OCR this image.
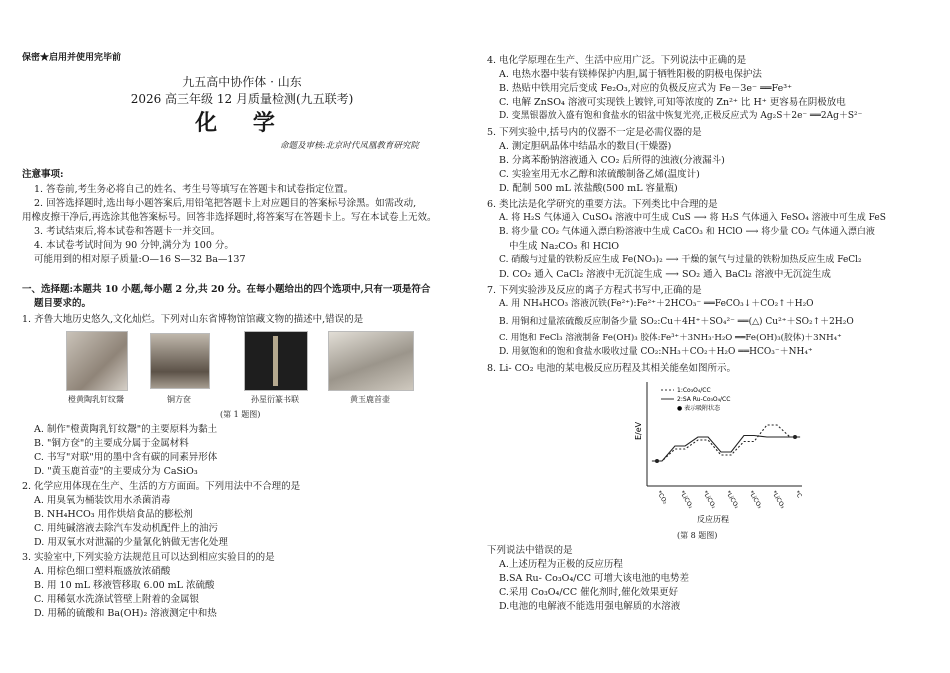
保密★启用并使用完毕前
九五高中协作体 · 山东
2026 高三年级 12 月质量检测(九五联考)
化 学
命题及审核:北京时代凤凰教育研究院
注意事项:
1. 答卷前,考生务必将自己的姓名、考生号等填写在答题卡和试卷指定位置。
2. 回答选择题时,选出每小题答案后,用铅笔把答题卡上对应题目的答案标号涂黑。如需改动,
用橡皮擦干净后,再选涂其他答案标号。回答非选择题时,将答案写在答题卡上。写在本试卷上无效。
3. 考试结束后,将本试卷和答题卡一并交回。
4. 本试卷考试时间为 90 分钟,满分为 100 分。
可能用到的相对原子质量:O—16 S—32 Ba—137
一、选择题:本题共 10 小题,每小题 2 分,共 20 分。在每小题给出的四个选项中,只有一项是符合
题目要求的。
1. 齐鲁大地历史悠久,文化灿烂。下列对山东省博物馆馆藏文物的描述中,错误的是
橙黄陶乳钉纹鬶	铜方奁	孙星衍篆书联	黄玉鹿首壶
(第 1 题图)
A. 制作"橙黄陶乳钉纹鬶"的主要原料为黏土
B. "铜方奁"的主要成分属于金属材料
C. 书写"对联"用的墨中含有碳的同素异形体
D. "黄玉鹿首壶"的主要成分为 CaSiO₃
2. 化学应用体现在生产、生活的方方面面。下列用法中不合理的是
A. 用臭氧为桶装饮用水杀菌消毒
B. NH₄HCO₃ 用作烘焙食品的膨松剂
C. 用纯碱溶液去除汽车发动机配件上的油污
D. 用双氧水对泄漏的少量氰化钠做无害化处理
3. 实验室中,下列实验方法规范且可以达到相应实验目的的是
A. 用棕色细口塑料瓶盛放浓硝酸
B. 用 10 mL 移液管移取 6.00 mL 浓硫酸
C. 用稀氨水洗涤试管壁上附着的金属银
D. 用稀的硫酸和 Ba(OH)₂ 溶液测定中和热
4. 电化学原理在生产、生活中应用广泛。下列说法中正确的是
A. 电热水器中装有镁棒保护内胆,属于牺牲阳极的阴极电保护法
B. 热贴中铁用完后变成 Fe₂O₃,对应的负极反应式为 Fe－3e⁻ ══Fe³⁺
C. 电解 ZnSO₄ 溶液可实现铁上镀锌,可知等浓度的 Zn²⁺ 比 H⁺ 更容易在阴极放电
D. 变黑银器放入盛有饱和食盐水的铝盆中恢复光亮,正极反应式为 Ag₂S＋2e⁻ ══2Ag＋S²⁻
5. 下列实验中,括号内的仪器不一定是必需仪器的是
A. 测定胆矾晶体中结晶水的数目(干燥器)
B. 分离苯酚钠溶液通入 CO₂ 后所得的浊液(分液漏斗)
C. 实验室用无水乙醇和浓硫酸制备乙烯(温度计)
D. 配制 500 mL 浓盐酸(500 mL 容量瓶)
6. 类比法是化学研究的重要方法。下列类比中合理的是
A. 将 H₂S 气体通入 CuSO₄ 溶液中可生成 CuS ⟶ 将 H₂S 气体通入 FeSO₄ 溶液中可生成 FeS
B. 将少量 CO₂ 气体通入漂白粉溶液中生成 CaCO₃ 和 HClO ⟶ 将少量 CO₂ 气体通入漂白液
中生成 Na₂CO₃ 和 HClO
C. 硝酸与过量的铁粉反应生成 Fe(NO₃)₂ ⟶ 干燥的氯气与过量的铁粉加热反应生成 FeCl₂
D. CO₂ 通入 CaCl₂ 溶液中无沉淀生成 ⟶ SO₂ 通入 BaCl₂ 溶液中无沉淀生成
7. 下列实验涉及反应的离子方程式书写中,正确的是
A. 用 NH₄HCO₃ 溶液沉铁(Fe²⁺):Fe²⁺＋2HCO₃⁻ ══FeCO₃↓＋CO₂↑＋H₂O
B. 用铜和过量浓硫酸反应制备少量 SO₂:Cu＋4H⁺＋SO₄²⁻ ══(△) Cu²⁺＋SO₂↑＋2H₂O
C. 用饱和 FeCl₃ 溶液制备 Fe(OH)₃ 胶体:Fe³⁺＋3NH₃·H₂O ══Fe(OH)₃(胶体)＋3NH₄⁺
D. 用氨饱和的饱和食盐水吸收过量 CO₂:NH₃＋CO₂＋H₂O ══HCO₃⁻＋NH₄⁺
8. Li- CO₂ 电池的某电极反应历程及其相关能垒如图所示。
E/eV
反应历程
1:Co₃O₄/CC
2:SA Ru-Co₃O₄/CC
● 表示吸附状态
*CO₂ *LiCO₂ *LiCO₂ *LiCO₂ *LiCO₃ *LiCO₃ *C
(第 8 题图)
下列说法中错误的是
A.上述历程为正极的反应历程
B.SA Ru- Co₃O₄/CC 可增大该电池的电势差
C.采用 Co₃O₄/CC 催化剂时,催化效果更好
D.电池的电解液不能选用强电解质的水溶液
